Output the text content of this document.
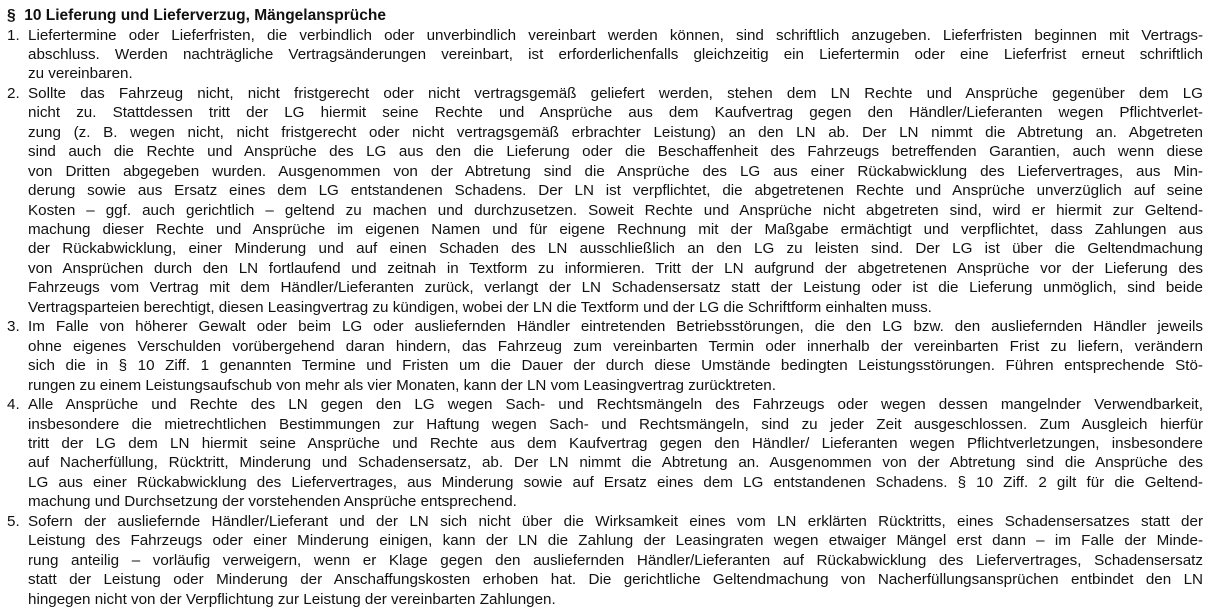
§  10 Lieferung und Lieferverzug, Mängelansprüche
1. Liefertermine oder Lieferfristen, die verbindlich oder unverbindlich vereinbart werden können, sind schriftlich anzugeben. Lieferfristen beginnen mit Vertrags-
abschluss. Werden nachträgliche Vertragsänderungen vereinbart, ist erforderlichenfalls gleichzeitig ein Liefertermin oder eine Lieferfrist erneut schriftlich
zu vereinbaren.
2. Sollte das Fahrzeug nicht, nicht fristgerecht oder nicht vertragsgemäß geliefert werden, stehen dem LN Rechte und Ansprüche gegenüber dem LG
nicht zu. Stattdessen tritt der LG hiermit seine Rechte und Ansprüche aus dem Kaufvertrag gegen den Händler/Lieferanten wegen Pflichtverlet-
zung (z. B. wegen nicht, nicht fristgerecht oder nicht vertragsgemäß erbrachter Leistung) an den LN ab. Der LN nimmt die Abtretung an. Abgetreten
sind auch die Rechte und Ansprüche des LG aus den die Lieferung oder die Beschaffenheit des Fahrzeugs betreffenden Garantien, auch wenn diese
von Dritten abgegeben wurden. Ausgenommen von der Abtretung sind die Ansprüche des LG aus einer Rückabwicklung des Liefervertrages, aus Min-
derung sowie aus Ersatz eines dem LG entstandenen Schadens. Der LN ist verpflichtet, die abgetretenen Rechte und Ansprüche unverzüglich auf seine
Kosten – ggf. auch gerichtlich – geltend zu machen und durchzusetzen. Soweit Rechte und Ansprüche nicht abgetreten sind, wird er hiermit zur Geltend-
machung dieser Rechte und Ansprüche im eigenen Namen und für eigene Rechnung mit der Maßgabe ermächtigt und verpflichtet, dass Zahlungen aus
der Rückabwicklung, einer Minderung und auf einen Schaden des LN ausschließlich an den LG zu leisten sind. Der LG ist über die Geltendmachung
von Ansprüchen durch den LN fortlaufend und zeitnah in Textform zu informieren. Tritt der LN aufgrund der abgetretenen Ansprüche vor der Lieferung des
Fahrzeugs vom Vertrag mit dem Händler/Lieferanten zurück, verlangt der LN Schadensersatz statt der Leistung oder ist die Lieferung unmöglich, sind beide
Vertragsparteien berechtigt, diesen Leasingvertrag zu kündigen, wobei der LN die Textform und der LG die Schriftform einhalten muss.
3. Im Falle von höherer Gewalt oder beim LG oder ausliefernden Händler eintretenden Betriebsstörungen, die den LG bzw. den ausliefernden Händler jeweils
ohne eigenes Verschulden vorübergehend daran hindern, das Fahrzeug zum vereinbarten Termin oder innerhalb der vereinbarten Frist zu liefern, verändern
sich die in § 10 Ziff. 1 genannten Termine und Fristen um die Dauer der durch diese Umstände bedingten Leistungsstörungen. Führen entsprechende Stö-
rungen zu einem Leistungsaufschub von mehr als vier Monaten, kann der LN vom Leasingvertrag zurücktreten.
4. Alle Ansprüche und Rechte des LN gegen den LG wegen Sach- und Rechtsmängeln des Fahrzeugs oder wegen dessen mangelnder Verwendbarkeit,
insbesondere die mietrechtlichen Bestimmungen zur Haftung wegen Sach- und Rechtsmängeln, sind zu jeder Zeit ausgeschlossen. Zum Ausgleich hierfür
tritt der LG dem LN hiermit seine Ansprüche und Rechte aus dem Kaufvertrag gegen den Händler/ Lieferanten wegen Pflichtverletzungen, insbesondere
auf Nacherfüllung, Rücktritt, Minderung und Schadensersatz, ab. Der LN nimmt die Abtretung an. Ausgenommen von der Abtretung sind die Ansprüche des
LG aus einer Rückabwicklung des Liefervertrages, aus Minderung sowie auf Ersatz eines dem LG entstandenen Schadens. § 10 Ziff. 2 gilt für die Geltend-
machung und Durchsetzung der vorstehenden Ansprüche entsprechend.
5. Sofern der ausliefernde Händler/Lieferant und der LN sich nicht über die Wirksamkeit eines vom LN erklärten Rücktritts, eines Schadensersatzes statt der
Leistung des Fahrzeugs oder einer Minderung einigen, kann der LN die Zahlung der Leasingraten wegen etwaiger Mängel erst dann – im Falle der Minde-
rung anteilig – vorläufig verweigern, wenn er Klage gegen den ausliefernden Händler/Lieferanten auf Rückabwicklung des Liefervertrages, Schadensersatz
statt der Leistung oder Minderung der Anschaffungskosten erhoben hat. Die gerichtliche Geltendmachung von Nacherfüllungsansprüchen entbindet den LN
hingegen nicht von der Verpflichtung zur Leistung der vereinbarten Zahlungen.
